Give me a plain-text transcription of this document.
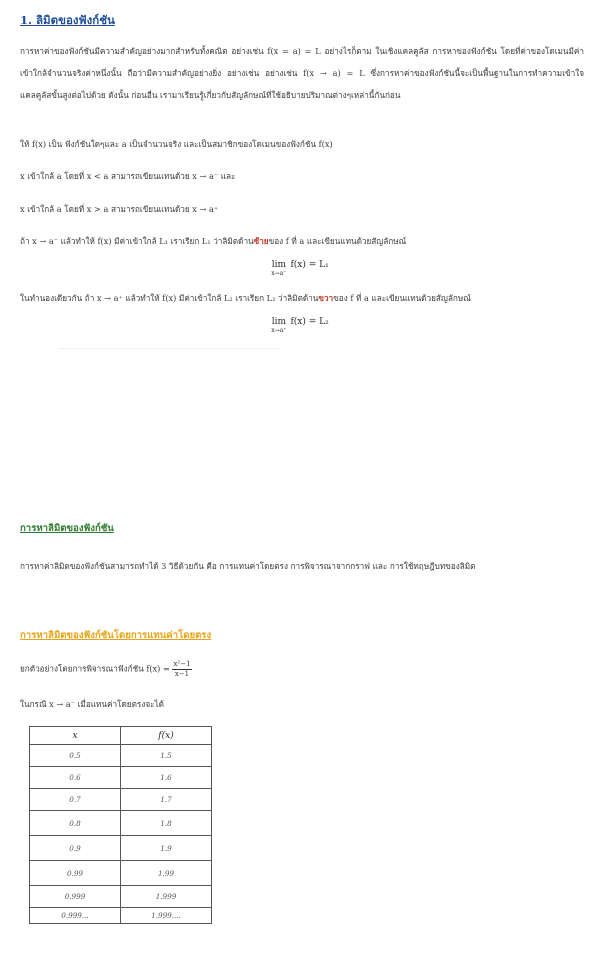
1. ลิมิตของฟังก์ชัน
การหาค่าของฟังก์ชันมีความสำคัญอย่างมากสำหรับทั้งคณิต อย่างเช่น f(x = a) = L อย่างไรก็ตาม ในเชิงแคลคูลัส การหาของฟังก์ชัน โดยที่ค่าของโดเมนมีค่าเข้าใกล้จำนวนจริงค่าหนึ่งนั้น ถือว่ามีความสำคัญอย่างยิ่ง อย่างเช่น อย่างเช่น f(x → a) = L ซึ่งการหาค่าของฟังก์ชันนี้จะเป็นพื้นฐานในการทำความเข้าใจแคลคูลัสขั้นสูงต่อไปด้วย ดังนั้น ก่อนอื่น เรามาเรียนรู้เกี่ยวกับสัญลักษณ์ที่ใช้อธิบายปริมาณต่างๆเหล่านี้กันก่อน
ให้ f(x) เป็น ฟังก์ชันใดๆและ a เป็นจำนวนจริง และเป็นสมาชิกของโดเมนของฟังก์ชัน f(x)
x เข้าใกล้ a โดยที่ x < a สามารถเขียนแทนด้วย x → a⁻ และ
x เข้าใกล้ a โดยที่ x > a สามารถเขียนแทนด้วย x → a⁺
ถ้า x → a⁻ แล้วทำให้ f(x) มีค่าเข้าใกล้ L₁ เราเรียก L₁ ว่าลิมิตด้านซ้ายของ f ที่ a และเขียนแทนด้วยสัญลักษณ์
lim
x→a⁻
f(x) = L₁
ในทำนองเดียวกัน ถ้า x → a⁺ แล้วทำให้ f(x) มีค่าเข้าใกล้ L₂ เราเรียก L₂ ว่าลิมิตด้านขวาของ f ที่ a และเขียนแทนด้วยสัญลักษณ์
lim
x→a⁺
f(x) = L₂
การหาลิมิตของฟังก์ชัน
การหาค่าลิมิตของฟังก์ชันสามารถทำได้ 3 วิธีด้วยกัน คือ การแทนค่าโดยตรง การพิจารณาจากกราฟ และ การใช้ทฤษฎีบทของลิมิต
การหาลิมิตของฟังก์ชันโดยการแทนค่าโดยตรง
ยกตัวอย่างโดยการพิจารณาฟังก์ชัน $f(x) = \frac{\text{x²−1}}{x-1}$
ในกรณี x → a⁻ เมื่อแทนค่าโดยตรงจะได้
x	f(x)
0.5	1.5
0.6	1.6
0.7	1.7
0.8	1.8
0.9	1.9
0.99	1.99
0.999	1.999
0.999...	1.999....
